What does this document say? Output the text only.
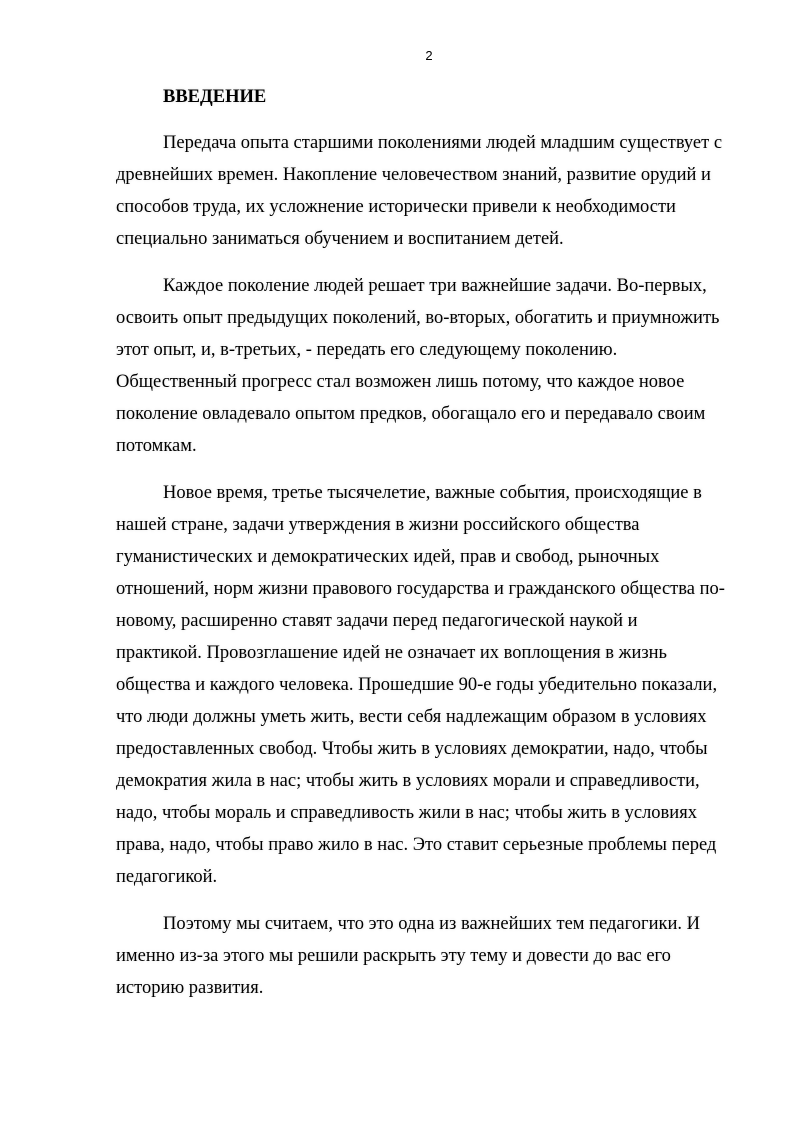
2
ВВЕДЕНИЕ

Передача опыта старшими поколениями людей младшим существует с
древнейших времен. Накопление человечеством знаний, развитие орудий и
способов труда, их усложнение исторически привели к необходимости
специально заниматься обучением и воспитанием детей.

Каждое поколение людей решает три важнейшие задачи. Во-первых,
освоить опыт предыдущих поколений, во-вторых, обогатить и приумножить
этот опыт, и, в-третьих, - передать его следующему поколению.
Общественный прогресс стал возможен лишь потому, что каждое новое
поколение овладевало опытом предков, обогащало его и передавало своим
потомкам.

Новое время, третье тысячелетие, важные события, происходящие в
нашей стране, задачи утверждения в жизни российского общества
гуманистических и демократических идей, прав и свобод, рыночных
отношений, норм жизни правового государства и гражданского общества по-
новому, расширенно ставят задачи перед педагогической наукой и
практикой. Провозглашение идей не означает их воплощения в жизнь
общества и каждого человека. Прошедшие 90-е годы убедительно показали,
что люди должны уметь жить, вести себя надлежащим образом в условиях
предоставленных свобод. Чтобы жить в условиях демократии, надо, чтобы
демократия жила в нас; чтобы жить в условиях морали и справедливости,
надо, чтобы мораль и справедливость жили в нас; чтобы жить в условиях
права, надо, чтобы право жило в нас. Это ставит серьезные проблемы перед
педагогикой.

Поэтому мы считаем, что это одна из важнейших тем педагогики. И
именно из-за этого мы решили раскрыть эту тему и довести до вас его
историю развития.
